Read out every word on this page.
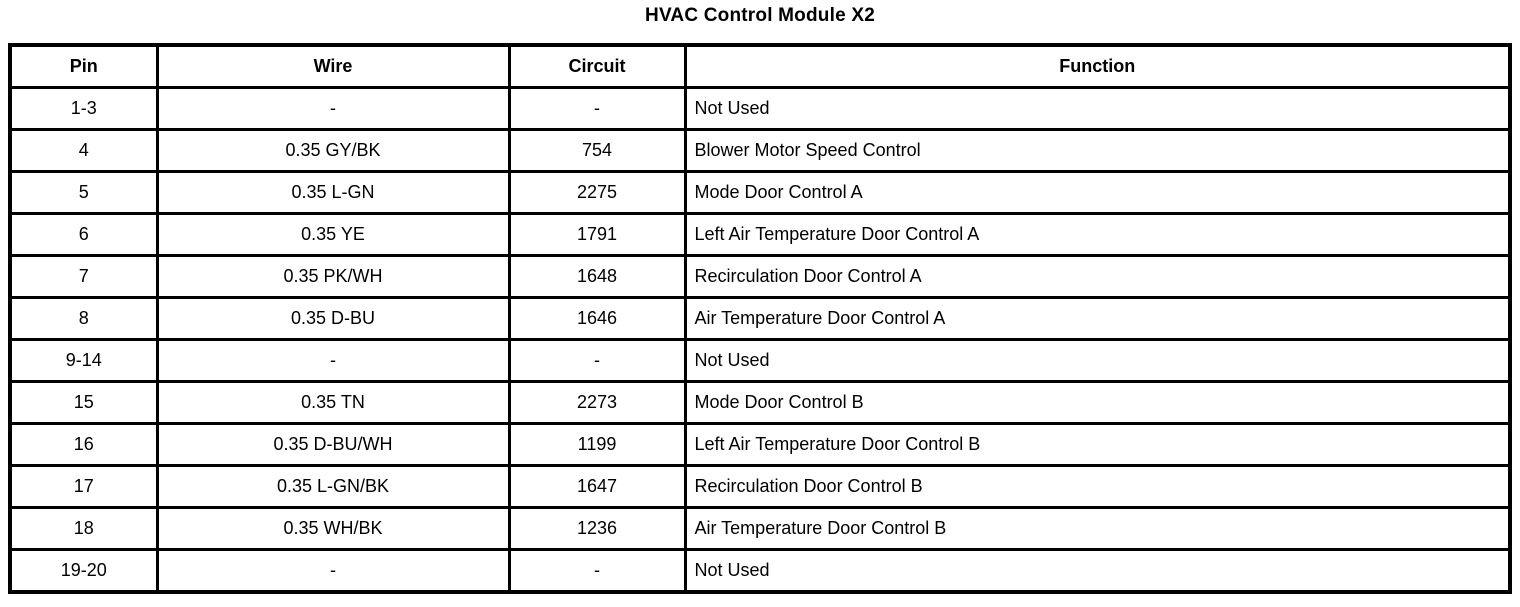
HVAC Control Module X2
Pin	Wire	Circuit	Function
1-3	-	-	Not Used
4	0.35 GY/BK	754	Blower Motor Speed Control
5	0.35 L-GN	2275	Mode Door Control A
6	0.35 YE	1791	Left Air Temperature Door Control A
7	0.35 PK/WH	1648	Recirculation Door Control A
8	0.35 D-BU	1646	Air Temperature Door Control A
9-14	-	-	Not Used
15	0.35 TN	2273	Mode Door Control B
16	0.35 D-BU/WH	1199	Left Air Temperature Door Control B
17	0.35 L-GN/BK	1647	Recirculation Door Control B
18	0.35 WH/BK	1236	Air Temperature Door Control B
19-20	-	-	Not Used
